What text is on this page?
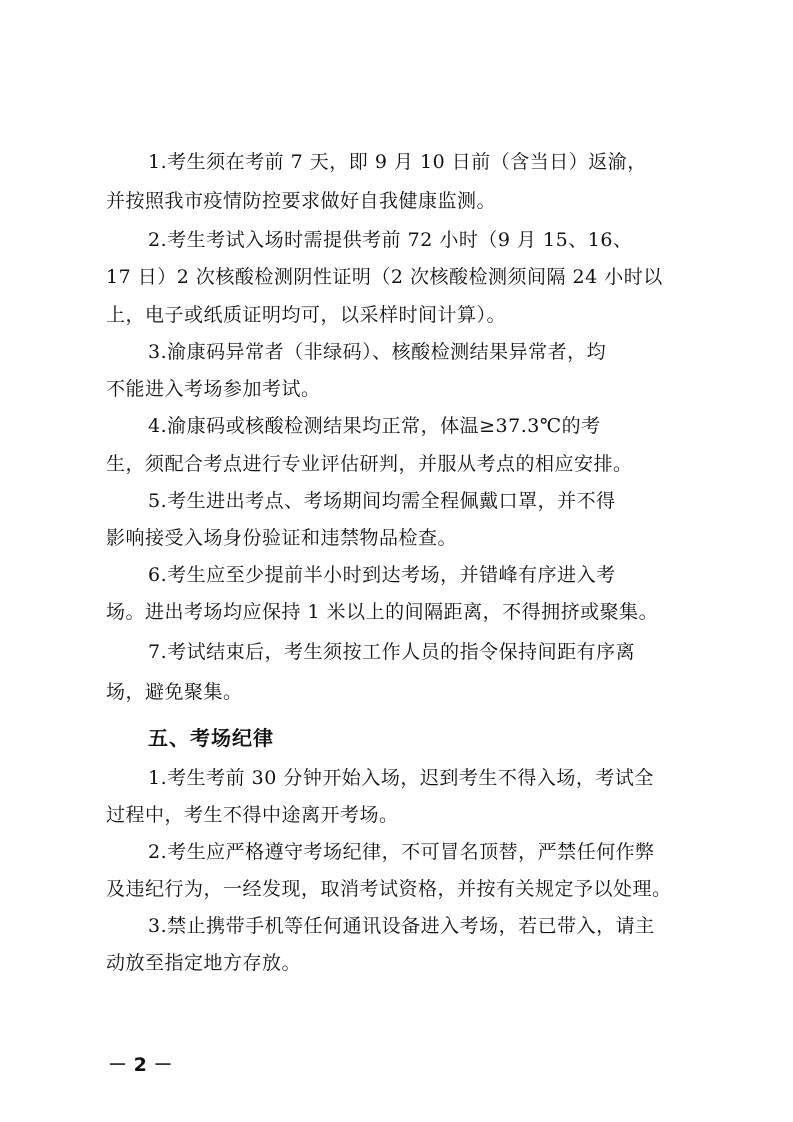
1.考生须在考前 7 天，即 9 月 10 日前（含当日）返渝，
并按照我市疫情防控要求做好自我健康监测。
2.考生考试入场时需提供考前 72 小时（9 月 15、16、
17 日）2 次核酸检测阴性证明（2 次核酸检测须间隔 24 小时以
上，电子或纸质证明均可，以采样时间计算）。
3.渝康码异常者（非绿码）、核酸检测结果异常者，均
不能进入考场参加考试。
4.渝康码或核酸检测结果均正常，体温≥37.3℃的考
生，须配合考点进行专业评估研判，并服从考点的相应安排。
5.考生进出考点、考场期间均需全程佩戴口罩，并不得
影响接受入场身份验证和违禁物品检查。
6.考生应至少提前半小时到达考场，并错峰有序进入考
场。进出考场均应保持 1 米以上的间隔距离，不得拥挤或聚集。
7.考试结束后，考生须按工作人员的指令保持间距有序离
场，避免聚集。
五、考场纪律
1.考生考前 30 分钟开始入场，迟到考生不得入场，考试全
过程中，考生不得中途离开考场。
2.考生应严格遵守考场纪律，不可冒名顶替，严禁任何作弊
及违纪行为，一经发现，取消考试资格，并按有关规定予以处理。
3.禁止携带手机等任何通讯设备进入考场，若已带入，请主
动放至指定地方存放。
－ 2 －
